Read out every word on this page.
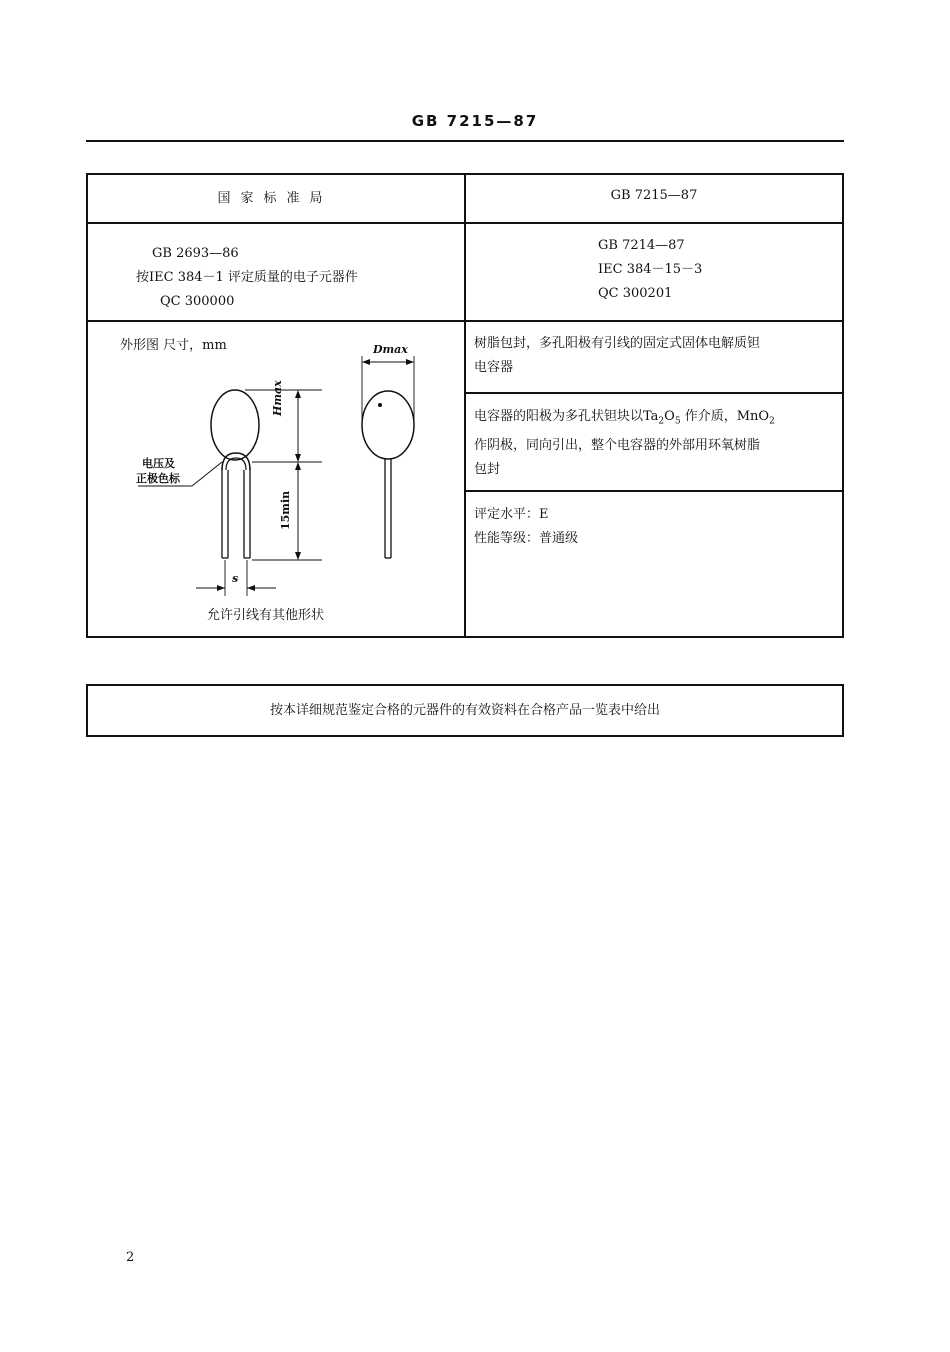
GB 7215—87
国家标准局	GB 7215—87
GB 2693—86
按IEC 384－1 评定质量的电子元器件
QC 300000
GB 7214—87
IEC 384－15－3
QC 300201
外形图 尺寸，mm	Dmax
Hmax
15min
s
电压及
正极色标
允许引线有其他形状
树脂包封，多孔阳极有引线的固定式固体电解质钽
电容器
电容器的阳极为多孔状钽块以$Ta_2O_5$ 作介质，MnO$_2$
作阴极，同向引出，整个电容器的外部用环氧树脂
包封
评定水平：E
性能等级：普通级
按本详细规范鉴定合格的元器件的有效资料在合格产品一览表中给出
2
